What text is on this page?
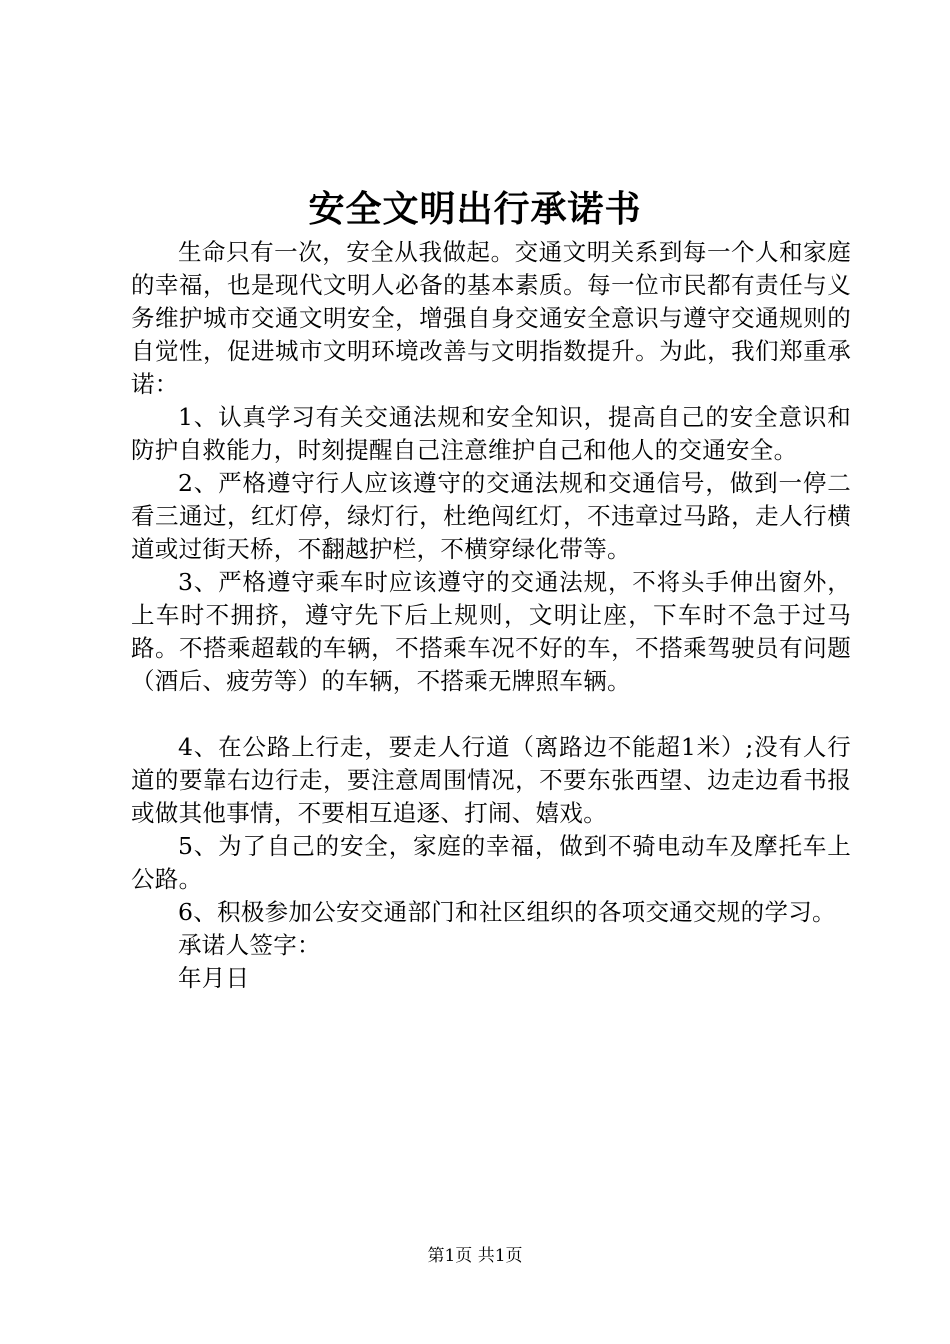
安全文明出行承诺书

生命只有一次，安全从我做起。交通文明关系到每一个人和家庭的幸福，也是现代文明人必备的基本素质。每一位市民都有责任与义务维护城市交通文明安全，增强自身交通安全意识与遵守交通规则的自觉性，促进城市文明环境改善与文明指数提升。为此，我们郑重承诺：

1、认真学习有关交通法规和安全知识，提高自己的安全意识和防护自救能力，时刻提醒自己注意维护自己和他人的交通安全。

2、严格遵守行人应该遵守的交通法规和交通信号，做到一停二看三通过，红灯停，绿灯行，杜绝闯红灯，不违章过马路，走人行横道或过街天桥，不翻越护栏，不横穿绿化带等。

3、严格遵守乘车时应该遵守的交通法规，不将头手伸出窗外，上车时不拥挤，遵守先下后上规则，文明让座，下车时不急于过马路。不搭乘超载的车辆，不搭乘车况不好的车，不搭乘驾驶员有问题（酒后、疲劳等）的车辆，不搭乘无牌照车辆。

4、在公路上行走，要走人行道（离路边不能超1米）;没有人行道的要靠右边行走，要注意周围情况，不要东张西望、边走边看书报或做其他事情，不要相互追逐、打闹、嬉戏。

5、为了自己的安全，家庭的幸福，做到不骑电动车及摩托车上公路。

6、积极参加公安交通部门和社区组织的各项交通交规的学习。

承诺人签字：

年月日

第1页 共1页
